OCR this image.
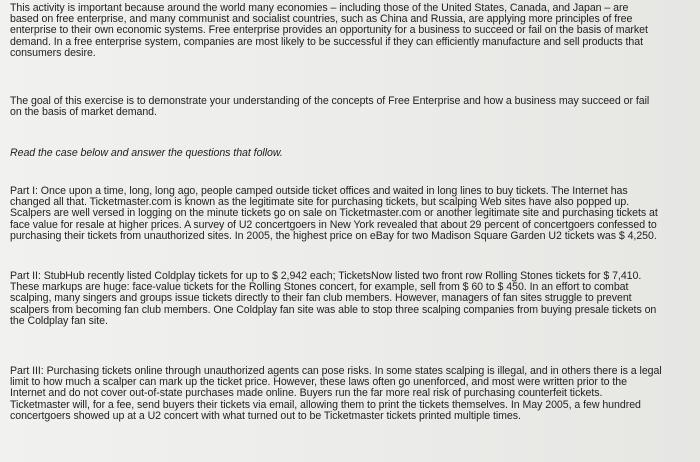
This activity is important because around the world many economies – including those of the United States, Canada, and Japan – are based on free enterprise, and many communist and socialist countries, such as China and Russia, are applying more principles of free enterprise to their own economic systems. Free enterprise provides an opportunity for a business to succeed or fail on the basis of market demand. In a free enterprise system, companies are most likely to be successful if they can efficiently manufacture and sell products that consumers desire.

The goal of this exercise is to demonstrate your understanding of the concepts of Free Enterprise and how a business may succeed or fail on the basis of market demand.

Read the case below and answer the questions that follow.

Part I: Once upon a time, long, long ago, people camped outside ticket offices and waited in long lines to buy tickets. The Internet has changed all that. Ticketmaster.com is known as the legitimate site for purchasing tickets, but scalping Web sites have also popped up. Scalpers are well versed in logging on the minute tickets go on sale on Ticketmaster.com or another legitimate site and purchasing tickets at face value for resale at higher prices. A survey of U2 concertgoers in New York revealed that about 29 percent of concertgoers confessed to purchasing their tickets from unauthorized sites. In 2005, the highest price on eBay for two Madison Square Garden U2 tickets was $ 4,250.

Part II: StubHub recently listed Coldplay tickets for up to $ 2,942 each; TicketsNow listed two front row Rolling Stones tickets for $ 7,410. These markups are huge: face-value tickets for the Rolling Stones concert, for example, sell from $ 60 to $ 450. In an effort to combat scalping, many singers and groups issue tickets directly to their fan club members. However, managers of fan sites struggle to prevent scalpers from becoming fan club members. One Coldplay fan site was able to stop three scalping companies from buying presale tickets on the Coldplay fan site.

Part III: Purchasing tickets online through unauthorized agents can pose risks. In some states scalping is illegal, and in others there is a legal limit to how much a scalper can mark up the ticket price. However, these laws often go unenforced, and most were written prior to the Internet and do not cover out-of-state purchases made online. Buyers run the far more real risk of purchasing counterfeit tickets. Ticketmaster will, for a fee, send buyers their tickets via email, allowing them to print the tickets themselves. In May 2005, a few hundred concertgoers showed up at a U2 concert with what turned out to be Ticketmaster tickets printed multiple times.
